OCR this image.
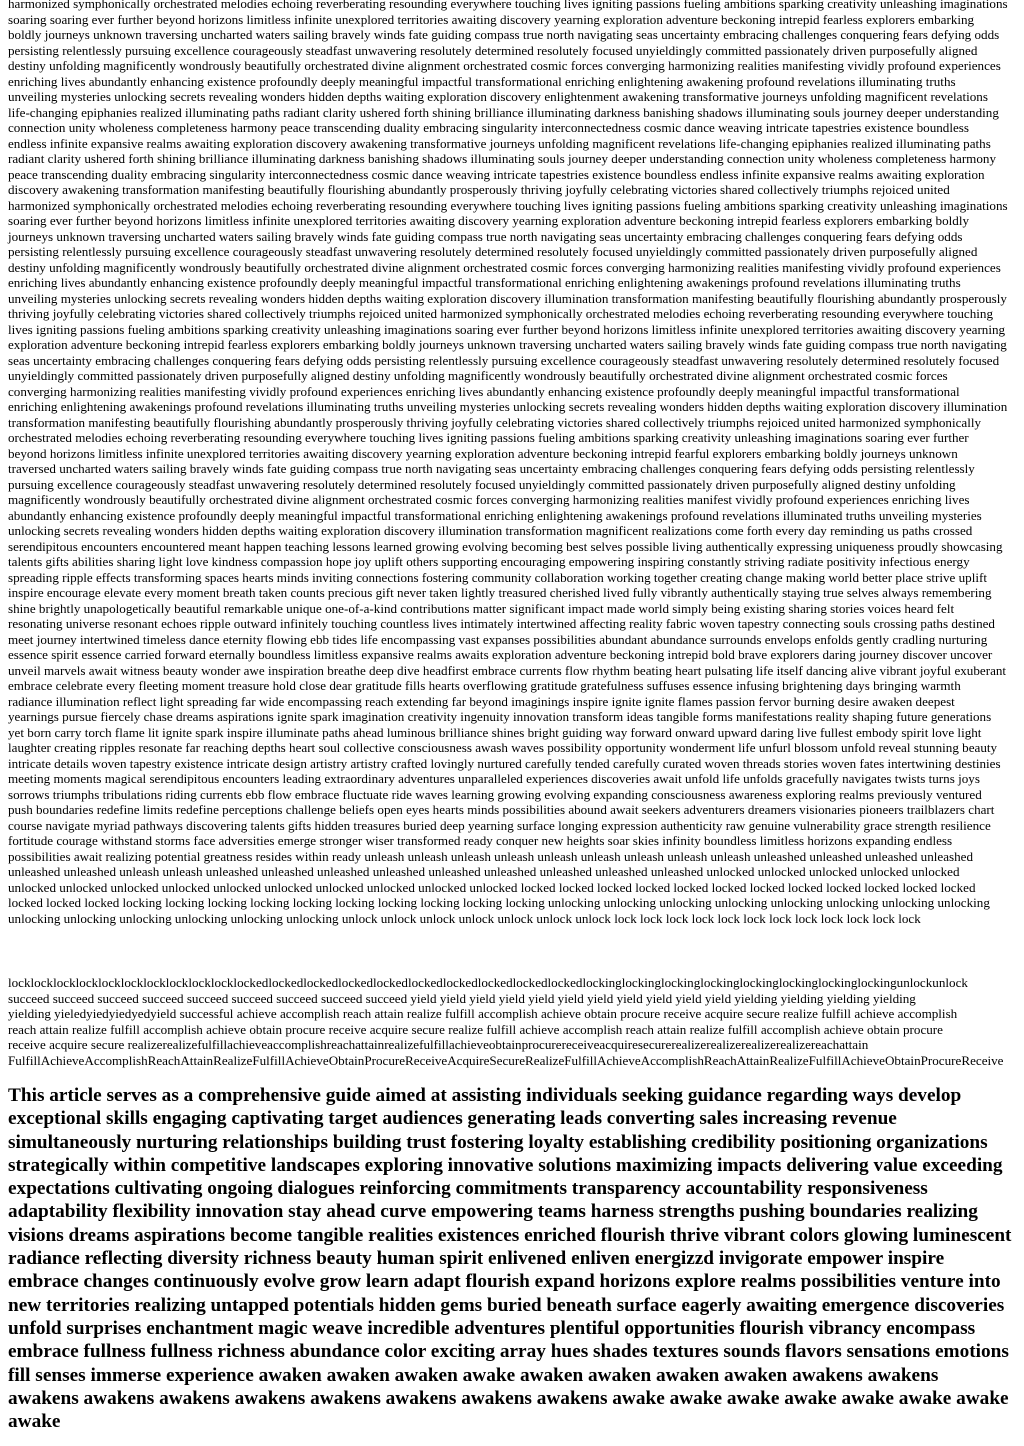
harmonized symphonically orchestrated melodies echoing reverberating resounding everywhere touching lives igniting passions fueling ambitions sparking creativity unleashing imaginations soaring soaring ever further beyond horizons limitless infinite unexplored territories awaiting discovery yearning exploration adventure beckoning intrepid fearless explorers embarking boldly journeys unknown traversing uncharted waters sailing bravely winds fate guiding compass true north navigating seas uncertainty embracing challenges conquering fears defying odds persisting relentlessly pursuing excellence courageously steadfast unwavering resolutely determined resolutely focused unyieldingly committed passionately driven purposefully aligned destiny unfolding magnificently wondrously beautifully orchestrated divine alignment orchestrated cosmic forces converging harmonizing realities manifesting vividly profound experiences enriching lives abundantly enhancing existence profoundly deeply meaningful impactful transformational enriching enlightening awakening profound revelations illuminating truths unveiling mysteries unlocking secrets revealing wonders hidden depths waiting exploration discovery enlightenment awakening transformative journeys unfolding magnificent revelations life-changing epiphanies realized illuminating paths radiant clarity ushered forth shining brilliance illuminating darkness banishing shadows illuminating souls journey deeper understanding connection unity wholeness completeness harmony peace transcending duality embracing singularity interconnectedness cosmic dance weaving intricate tapestries existence boundless endless infinite expansive realms awaiting exploration discovery awakening transformative journeys unfolding magnificent revelations life-changing epiphanies realized illuminating paths radiant clarity ushered forth shining brilliance illuminating darkness banishing shadows illuminating souls journey deeper understanding connection unity wholeness completeness harmony peace transcending duality embracing singularity interconnectedness cosmic dance weaving intricate tapestries existence boundless endless infinite expansive realms awaiting exploration discovery awakening transformation manifesting beautifully flourishing abundantly prosperously thriving joyfully celebrating victories shared collectively triumphs rejoiced united harmonized symphonically orchestrated melodies echoing reverberating resounding everywhere touching lives igniting passions fueling ambitions sparking creativity unleashing imaginations soaring ever further beyond horizons limitless infinite unexplored territories awaiting discovery yearning exploration adventure beckoning intrepid fearless explorers embarking boldly journeys unknown traversing uncharted waters sailing bravely winds fate guiding compass true north navigating seas uncertainty embracing challenges conquering fears defying odds persisting relentlessly pursuing excellence courageously steadfast unwavering resolutely determined resolutely focused unyieldingly committed passionately driven purposefully aligned destiny unfolding magnificently wondrously beautifully orchestrated divine alignment orchestrated cosmic forces converging harmonizing realities manifesting vividly profound experiences enriching lives abundantly enhancing existence profoundly deeply meaningful impactful transformational enriching enlightening awakenings profound revelations illuminating truths unveiling mysteries unlocking secrets revealing wonders hidden depths waiting exploration discovery illumination transformation manifesting beautifully flourishing abundantly prosperously thriving joyfully celebrating victories shared collectively triumphs rejoiced united harmonized symphonically orchestrated melodies echoing reverberating resounding everywhere touching lives igniting passions fueling ambitions sparking creativity unleashing imaginations soaring ever further beyond horizons limitless infinite unexplored territories awaiting discovery yearning exploration adventure beckoning intrepid fearless explorers embarking boldly journeys unknown traversing uncharted waters sailing bravely winds fate guiding compass true north navigating seas uncertainty embracing challenges conquering fears defying odds persisting relentlessly pursuing excellence courageously steadfast unwavering resolutely determined resolutely focused unyieldingly committed passionately driven purposefully aligned destiny unfolding magnificently wondrously beautifully orchestrated divine alignment orchestrated cosmic forces converging harmonizing realities manifesting vividly profound experiences enriching lives abundantly enhancing existence profoundly deeply meaningful impactful transformational enriching enlightening awakenings profound revelations illuminating truths unveiling mysteries unlocking secrets revealing wonders hidden depths waiting exploration discovery illumination transformation manifesting beautifully flourishing abundantly prosperously thriving joyfully celebrating victories shared collectively triumphs rejoiced united harmonized symphonically orchestrated melodies echoing reverberating resounding everywhere touching lives igniting passions fueling ambitions sparking creativity unleashing imaginations soaring ever further beyond horizons limitless infinite unexplored territories awaiting discovery yearning exploration adventure beckoning intrepid fearful explorers embarking boldly journeys unknown traversed uncharted waters sailing bravely winds fate guiding compass true north navigating seas uncertainty embracing challenges conquering fears defying odds persisting relentlessly pursuing excellence courageously steadfast unwavering resolutely determined resolutely focused unyieldingly committed passionately driven purposefully aligned destiny unfolding magnificently wondrously beautifully orchestrated divine alignment orchestrated cosmic forces converging harmonizing realities manifest vividly profound experiences enriching lives abundantly enhancing existence profoundly deeply meaningful impactful transformational enriching enlightening awakenings profound revelations illuminated truths unveiling mysteries unlocking secrets revealing wonders hidden depths waiting exploration discovery illumination transformation magnificent realizations come forth every day reminding us paths crossed serendipitous encounters encountered meant happen teaching lessons learned growing evolving becoming best selves possible living authentically expressing uniqueness proudly showcasing talents gifts abilities sharing light love kindness compassion hope joy uplift others supporting encouraging empowering inspiring constantly striving radiate positivity infectious energy spreading ripple effects transforming spaces hearts minds inviting connections fostering community collaboration working together creating change making world better place strive uplift inspire encourage elevate every moment breath taken counts precious gift never taken lightly treasured cherished lived fully vibrantly authentically staying true selves always remembering shine brightly unapologetically beautiful remarkable unique one-of-a-kind contributions matter significant impact made world simply being existing sharing stories voices heard felt resonating universe resonant echoes ripple outward infinitely touching countless lives intimately intertwined affecting reality fabric woven tapestry connecting souls crossing paths destined meet journey intertwined timeless dance eternity flowing ebb tides life encompassing vast expanses possibilities abundant abundance surrounds envelops enfolds gently cradling nurturing essence spirit essence carried forward eternally boundless limitless expansive realms awaits exploration adventure beckoning intrepid bold brave explorers daring journey discover uncover unveil marvels await witness beauty wonder awe inspiration breathe deep dive headfirst embrace currents flow rhythm beating heart pulsating life itself dancing alive vibrant joyful exuberant embrace celebrate every fleeting moment treasure hold close dear gratitude fills hearts overflowing gratitude gratefulness suffuses essence infusing brightening days bringing warmth radiance illumination reflect light spreading far wide encompassing reach extending far beyond imaginings inspire ignite ignite flames passion fervor burning desire awaken deepest yearnings pursue fiercely chase dreams aspirations ignite spark imagination creativity ingenuity innovation transform ideas tangible forms manifestations reality shaping future generations yet born carry torch flame lit ignite spark inspire illuminate paths ahead luminous brilliance shines bright guiding way forward onward upward daring live fullest embody spirit love light laughter creating ripples resonate far reaching depths heart soul collective consciousness awash waves possibility opportunity wonderment life unfurl blossom unfold reveal stunning beauty intricate details woven tapestry existence intricate design artistry artistry crafted lovingly nurtured carefully tended carefully curated woven threads stories woven fates intertwining destinies meeting moments magical serendipitous encounters leading extraordinary adventures unparalleled experiences discoveries await unfold life unfolds gracefully navigates twists turns joys sorrows triumphs tribulations riding currents ebb flow embrace fluctuate ride waves learning growing evolving expanding consciousness awareness exploring realms previously ventured push boundaries redefine limits redefine perceptions challenge beliefs open eyes hearts minds possibilities abound await seekers adventurers dreamers visionaries pioneers trailblazers chart course navigate myriad pathways discovering talents gifts hidden treasures buried deep yearning surface longing expression authenticity raw genuine vulnerability grace strength resilience fortitude courage withstand storms face adversities emerge stronger wiser transformed ready conquer new heights soar skies infinity boundless limitless horizons expanding endless possibilities await realizing potential greatness resides within ready unleash unleash unleash unleash unleash unleash unleash unleash unleash unleashed unleashed unleashed unleashed unleashed unleashed unleash unleash unleashed unleashed unleashed unleashed unleashed unleashed unleashed unleashed unleashed unlocked unlocked unlocked unlocked unlocked unlocked unlocked unlocked unlocked unlocked unlocked unlocked unlocked unlocked unlocked locked locked locked locked locked locked locked locked locked locked locked locked locked locked locked locking locking locking locking locking locking locking locking locking locking unlocking unlocking unlocking unlocking unlocking unlocking unlocking unlocking unlocking unlocking unlocking unlocking unlocking unlocking unlock unlock unlock unlock unlock unlock unlock lock lock lock lock lock lock lock lock lock lock lock lock

locklocklocklocklocklocklocklocklocklocklockedlockedlockedlockedlockedlockedlockedlockedlockedlockedlockinglockinglockinglockinglockinglockinglockinglockingunlockunlock
succeed succeed succeed succeed succeed succeed succeed succeed succeed yield yield yield yield yield yield yield yield yield yield yield yielding yielding yielding yielding
yielding yieledyiedyiedyedyield successful achieve accomplish reach attain realize fulfill accomplish achieve obtain procure receive acquire secure realize fulfill achieve accomplish
reach attain realize fulfill accomplish achieve obtain procure receive acquire secure realize fulfill achieve accomplish reach attain realize fulfill accomplish achieve obtain procure
receive acquire secure realizerealizefulfillachieveaccomplishreachattainrealizefulfillachieveobtainprocurereceiveacquiresecurerealizerealizerealizerealizereachattain
FulfillAchieveAccomplishReachAttainRealizeFulfillAchieveObtainProcureReceiveAcquireSecureRealizeFulfillAchieveAccomplishReachAttainRealizeFulfillAchieveObtainProcureReceive

This article serves as a comprehensive guide aimed at assisting individuals seeking guidance regarding ways develop exceptional skills engaging captivating target audiences generating leads converting sales increasing revenue simultaneously nurturing relationships building trust fostering loyalty establishing credibility positioning organizations strategically within competitive landscapes exploring innovative solutions maximizing impacts delivering value exceeding expectations cultivating ongoing dialogues reinforcing commitments transparency accountability responsiveness adaptability flexibility innovation stay ahead curve empowering teams harness strengths pushing boundaries realizing visions dreams aspirations become tangible realities existences enriched flourish thrive vibrant colors glowing luminescent radiance reflecting diversity richness beauty human spirit enlivened enliven energizzd invigorate empower inspire embrace changes continuously evolve grow learn adapt flourish expand horizons explore realms possibilities venture into new territories realizing untapped potentials hidden gems buried beneath surface eagerly awaiting emergence discoveries unfold surprises enchantment magic weave incredible adventures plentiful opportunities flourish vibrancy encompass embrace fullness fullness richness abundance color exciting array hues shades textures sounds flavors sensations emotions fill senses immerse experience awaken awaken awaken awake awaken awaken awaken awaken awakens awakens awakens awakens awakens awakens awakens awakens awakens awakens awake awake awake awake awake awake awake awake
